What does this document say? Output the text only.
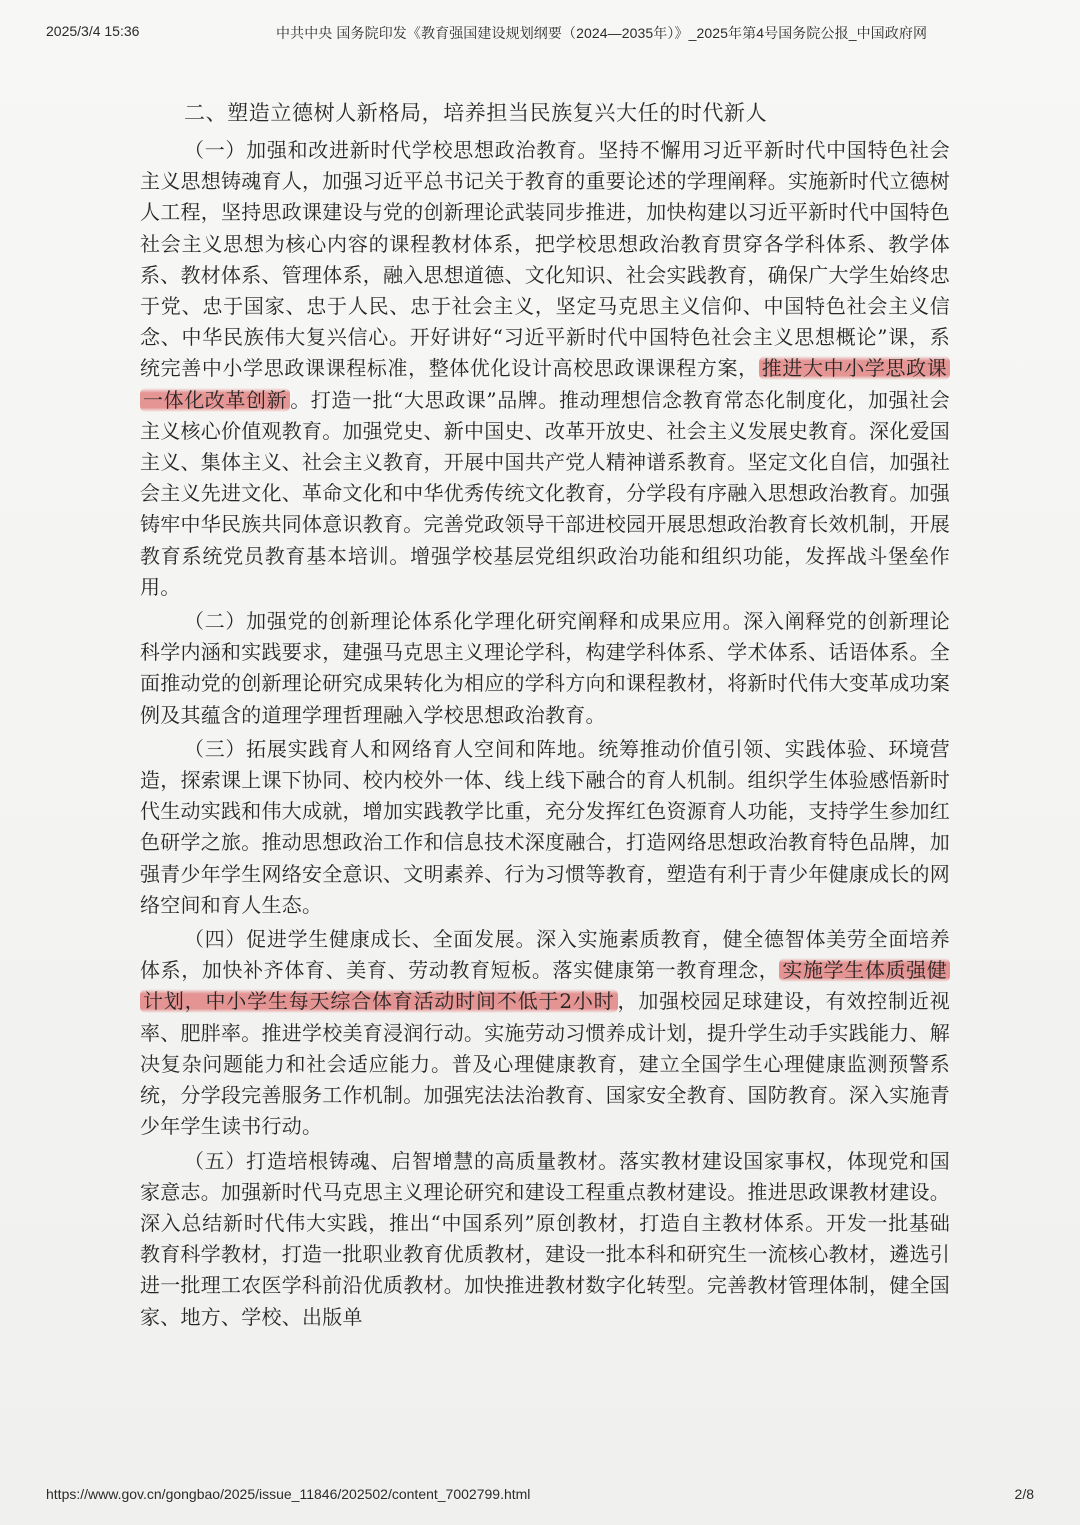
2025/3/4 15:36	中共中央 国务院印发《教育强国建设规划纲要（2024—2035年）》_2025年第4号国务院公报_中国政府网
二、塑造立德树人新格局，培养担当民族复兴大任的时代新人

（一）加强和改进新时代学校思想政治教育。坚持不懈用习近平新时代中国特色社会主义思想铸魂育人，加强习近平总书记关于教育的重要论述的学理阐释。实施新时代立德树人工程，坚持思政课建设与党的创新理论武装同步推进，加快构建以习近平新时代中国特色社会主义思想为核心内容的课程教材体系，把学校思想政治教育贯穿各学科体系、教学体系、教材体系、管理体系，融入思想道德、文化知识、社会实践教育，确保广大学生始终忠于党、忠于国家、忠于人民、忠于社会主义，坚定马克思主义信仰、中国特色社会主义信念、中华民族伟大复兴信心。开好讲好“习近平新时代中国特色社会主义思想概论”课，系统完善中小学思政课课程标准，整体优化设计高校思政课课程方案， 推进大中小学思政课一体化改革创新 。打造一批“大思政课”品牌。推动理想信念教育常态化制度化，加强社会主义核心价值观教育。加强党史、新中国史、改革开放史、社会主义发展史教育。深化爱国主义、集体主义、社会主义教育，开展中国共产党人精神谱系教育。坚定文化自信，加强社会主义先进文化、革命文化和中华优秀传统文化教育，分学段有序融入思想政治教育。加强铸牢中华民族共同体意识教育。完善党政领导干部进校园开展思想政治教育长效机制，开展教育系统党员教育基本培训。增强学校基层党组织政治功能和组织功能，发挥战斗堡垒作用。

（二）加强党的创新理论体系化学理化研究阐释和成果应用。深入阐释党的创新理论科学内涵和实践要求，建强马克思主义理论学科，构建学科体系、学术体系、话语体系。全面推动党的创新理论研究成果转化为相应的学科方向和课程教材，将新时代伟大变革成功案例及其蕴含的道理学理哲理融入学校思想政治教育。

（三）拓展实践育人和网络育人空间和阵地。统筹推动价值引领、实践体验、环境营造，探索课上课下协同、校内校外一体、线上线下融合的育人机制。组织学生体验感悟新时代生动实践和伟大成就，增加实践教学比重，充分发挥红色资源育人功能，支持学生参加红色研学之旅。推动思想政治工作和信息技术深度融合，打造网络思想政治教育特色品牌，加强青少年学生网络安全意识、文明素养、行为习惯等教育，塑造有利于青少年健康成长的网络空间和育人生态。

（四）促进学生健康成长、全面发展。深入实施素质教育，健全德智体美劳全面培养体系，加快补齐体育、美育、劳动教育短板。落实健康第一教育理念， 实施学生体质强健计划，中小学生每天综合体育活动时间不低于2小时 ，加强校园足球建设，有效控制近视率、肥胖率。推进学校美育浸润行动。实施劳动习惯养成计划，提升学生动手实践能力、解决复杂问题能力和社会适应能力。普及心理健康教育，建立全国学生心理健康监测预警系统，分学段完善服务工作机制。加强宪法法治教育、国家安全教育、国防教育。深入实施青少年学生读书行动。

（五）打造培根铸魂、启智增慧的高质量教材。落实教材建设国家事权，体现党和国家意志。加强新时代马克思主义理论研究和建设工程重点教材建设。推进思政课教材建设。深入总结新时代伟大实践，推出“中国系列”原创教材，打造自主教材体系。开发一批基础教育科学教材，打造一批职业教育优质教材，建设一批本科和研究生一流核心教材，遴选引进一批理工农医学科前沿优质教材。加快推进教材数字化转型。完善教材管理体制，健全国家、地方、学校、出版单

https://www.gov.cn/gongbao/2025/issue_11846/202502/content_7002799.html	2/8
